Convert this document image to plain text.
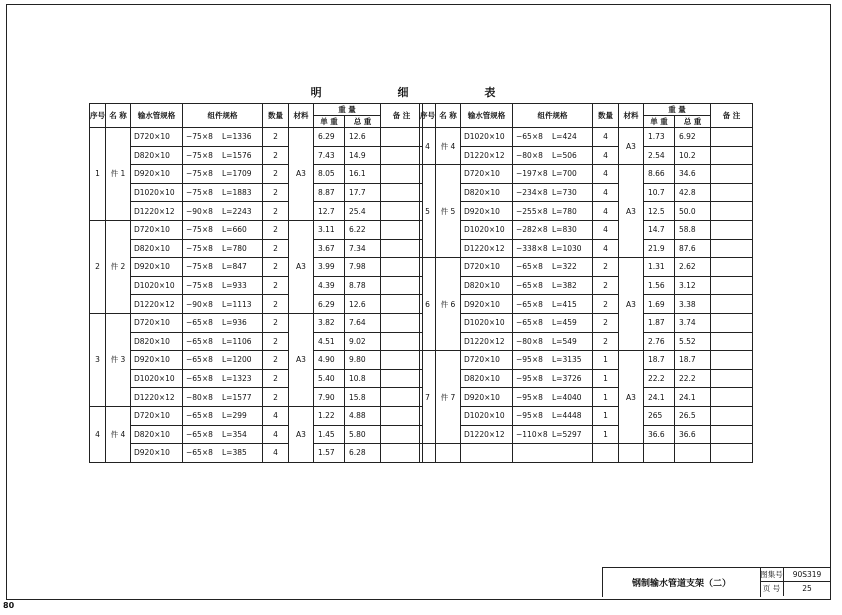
明 细 表
序号	名 称	输水管规格	组件规格	数量	材料	重 量		备 注
						单 重	总 重	
1	件 1	D720×10	−75×8 L=1336	2	A3	6.29	12.6	
		D820×10	−75×8 L=1576	2		7.43	14.9	
		D920×10	−75×8 L=1709	2		8.05	16.1	
		D1020×10	−75×8 L=1883	2		8.87	17.7	
		D1220×12	−90×8 L=2243	2		12.7	25.4	
2	件 2	D720×10	−75×8 L=660	2	A3	3.11	6.22	
		D820×10	−75×8 L=780	2		3.67	7.34	
		D920×10	−75×8 L=847	2		3.99	7.98	
		D1020×10	−75×8 L=933	2		4.39	8.78	
		D1220×12	−90×8 L=1113	2		6.29	12.6	
3	件 3	D720×10	−65×8 L=936	2	A3	3.82	7.64	
		D820×10	−65×8 L=1106	2		4.51	9.02	
		D920×10	−65×8 L=1200	2		4.90	9.80	
		D1020×10	−65×8 L=1323	2		5.40	10.8	
		D1220×12	−80×8 L=1577	2		7.90	15.8	
4	件 4	D720×10	−65×8 L=299	4	A3	1.22	4.88	
		D820×10	−65×8 L=354	4		1.45	5.80	
		D920×10	−65×8 L=385	4		1.57	6.28	
序号	名 称	输水管规格	组件规格	数量	材料	重 量		备 注
						单 重	总 重	
4	件 4	D1020×10	−65×8 L=424	4	A3	1.73	6.92	
		D1220×12	−80×8 L=506	4		2.54	10.2	
5	件 5	D720×10	−197×8 L=700	4	A3	8.66	34.6	
		D820×10	−234×8 L=730	4		10.7	42.8	
		D920×10	−255×8 L=780	4		12.5	50.0	
		D1020×10	−282×8 L=830	4		14.7	58.8	
		D1220×12	−338×8 L=1030	4		21.9	87.6	
6	件 6	D720×10	−65×8 L=322	2	A3	1.31	2.62	
		D820×10	−65×8 L=382	2		1.56	3.12	
		D920×10	−65×8 L=415	2		1.69	3.38	
		D1020×10	−65×8 L=459	2		1.87	3.74	
		D1220×12	−80×8 L=549	2		2.76	5.52	
7	件 7	D720×10	−95×8 L=3135	1	A3	18.7	18.7	
		D820×10	−95×8 L=3726	1		22.2	22.2	
		D920×10	−95×8 L=4040	1		24.1	24.1	
		D1020×10	−95×8 L=4448	1		265	26.5	
		D1220×12	−110×8 L=5297	1		36.6	36.6	

钢制输水管道支架（二）
图集号	90S319
页 号	25
80
